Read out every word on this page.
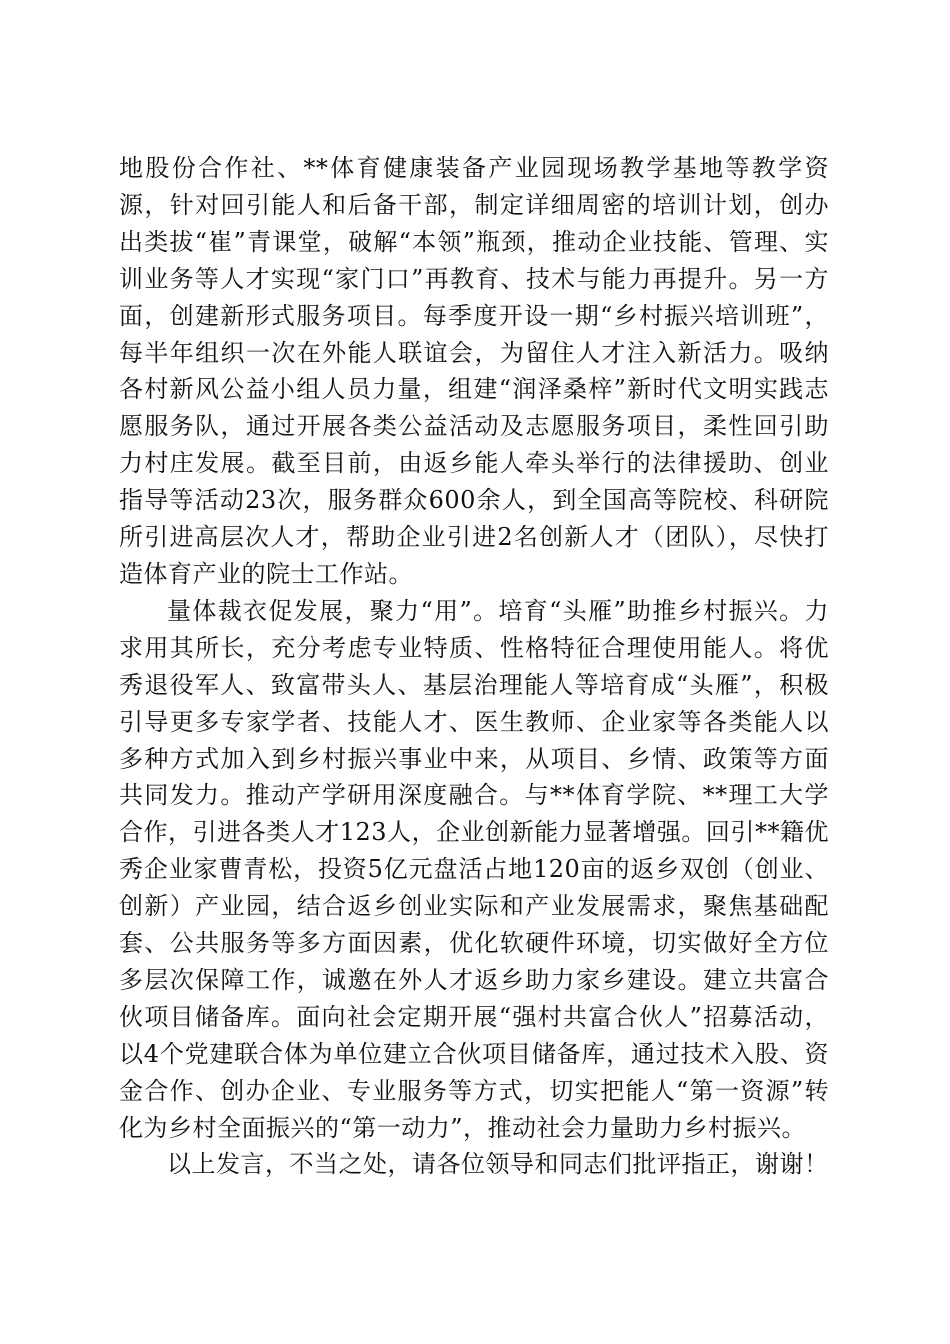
地股份合作社、**体育健康装备产业园现场教学基地等教学资源，针对回引能人和后备干部，制定详细周密的培训计划，创办出类拔“崔”青课堂，破解“本领”瓶颈，推动企业技能、管理、实训业务等人才实现“家门口”再教育、技术与能力再提升。另一方面，创建新形式服务项目。每季度开设一期“乡村振兴培训班”，每半年组织一次在外能人联谊会，为留住人才注入新活力。吸纳各村新风公益小组人员力量，组建“润泽桑梓”新时代文明实践志愿服务队，通过开展各类公益活动及志愿服务项目，柔性回引助力村庄发展。截至目前，由返乡能人牵头举行的法律援助、创业指导等活动23次，服务群众600余人，到全国高等院校、科研院所引进高层次人才，帮助企业引进2名创新人才（团队），尽快打造体育产业的院士工作站。

量体裁衣促发展，聚力“用”。培育“头雁”助推乡村振兴。力求用其所长，充分考虑专业特质、性格特征合理使用能人。将优秀退役军人、致富带头人、基层治理能人等培育成“头雁”，积极引导更多专家学者、技能人才、医生教师、企业家等各类能人以多种方式加入到乡村振兴事业中来，从项目、乡情、政策等方面共同发力。推动产学研用深度融合。与**体育学院、**理工大学合作，引进各类人才123人，企业创新能力显著增强。回引**籍优秀企业家曹青松，投资5亿元盘活占地120亩的返乡双创（创业、创新）产业园，结合返乡创业实际和产业发展需求，聚焦基础配套、公共服务等多方面因素，优化软硬件环境，切实做好全方位多层次保障工作，诚邀在外人才返乡助力家乡建设。建立共富合伙项目储备库。面向社会定期开展“强村共富合伙人”招募活动，以4个党建联合体为单位建立合伙项目储备库，通过技术入股、资金合作、创办企业、专业服务等方式，切实把能人“第一资源”转化为乡村全面振兴的“第一动力”，推动社会力量助力乡村振兴。

以上发言，不当之处，请各位领导和同志们批评指正，谢谢！
